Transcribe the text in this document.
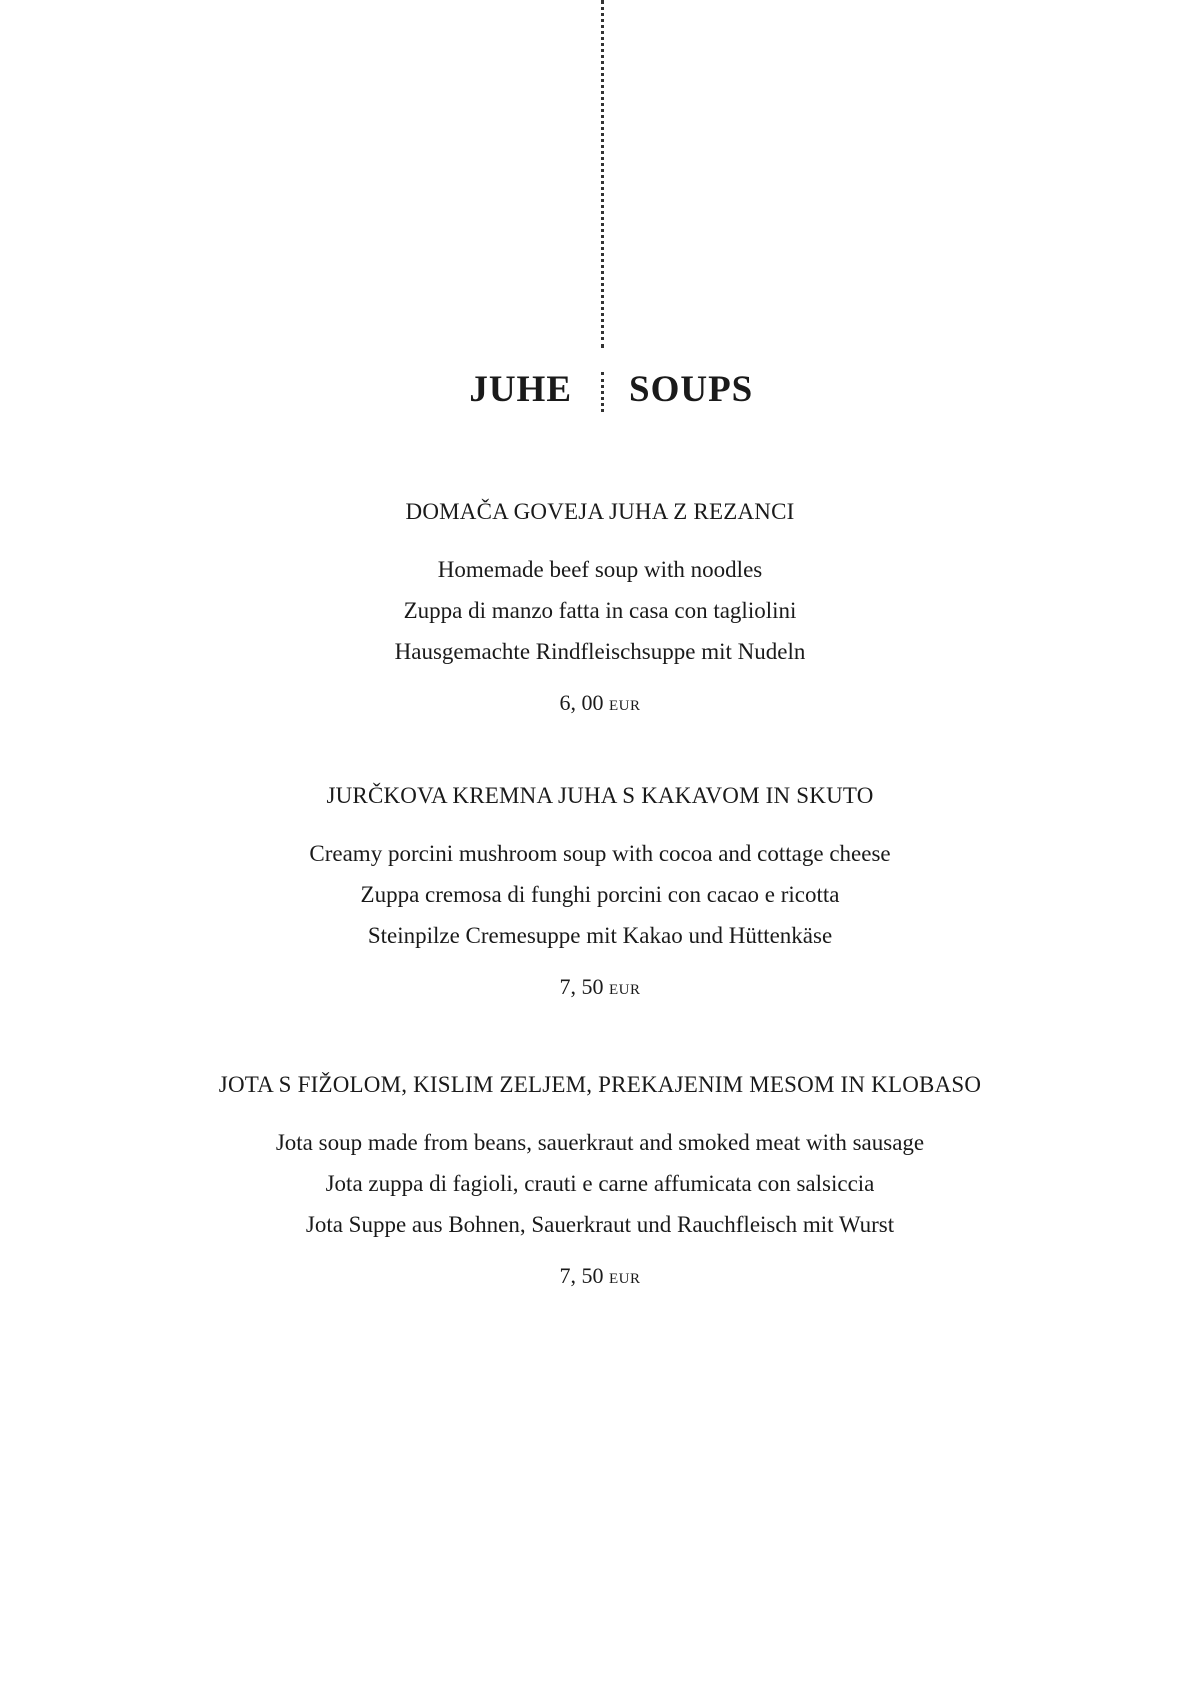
JUHE SOUPS
DOMAČA GOVEJA JUHA Z REZANCI
Homemade beef soup with noodles
Zuppa di manzo fatta in casa con tagliolini
Hausgemachte Rindfleischsuppe mit Nudeln
6, 00 EUR
JURČKOVA KREMNA JUHA S KAKAVOM IN SKUTO
Creamy porcini mushroom soup with cocoa and cottage cheese
Zuppa cremosa di funghi porcini con cacao e ricotta
Steinpilze Cremesuppe mit Kakao und Hüttenkäse
7, 50 EUR
JOTA S FIŽOLOM, KISLIM ZELJEM, PREKAJENIM MESOM IN KLOBASO
Jota soup made from beans, sauerkraut and smoked meat with sausage
Jota zuppa di fagioli, crauti e carne affumicata con salsiccia
Jota Suppe aus Bohnen, Sauerkraut und Rauchfleisch mit Wurst
7, 50 EUR
